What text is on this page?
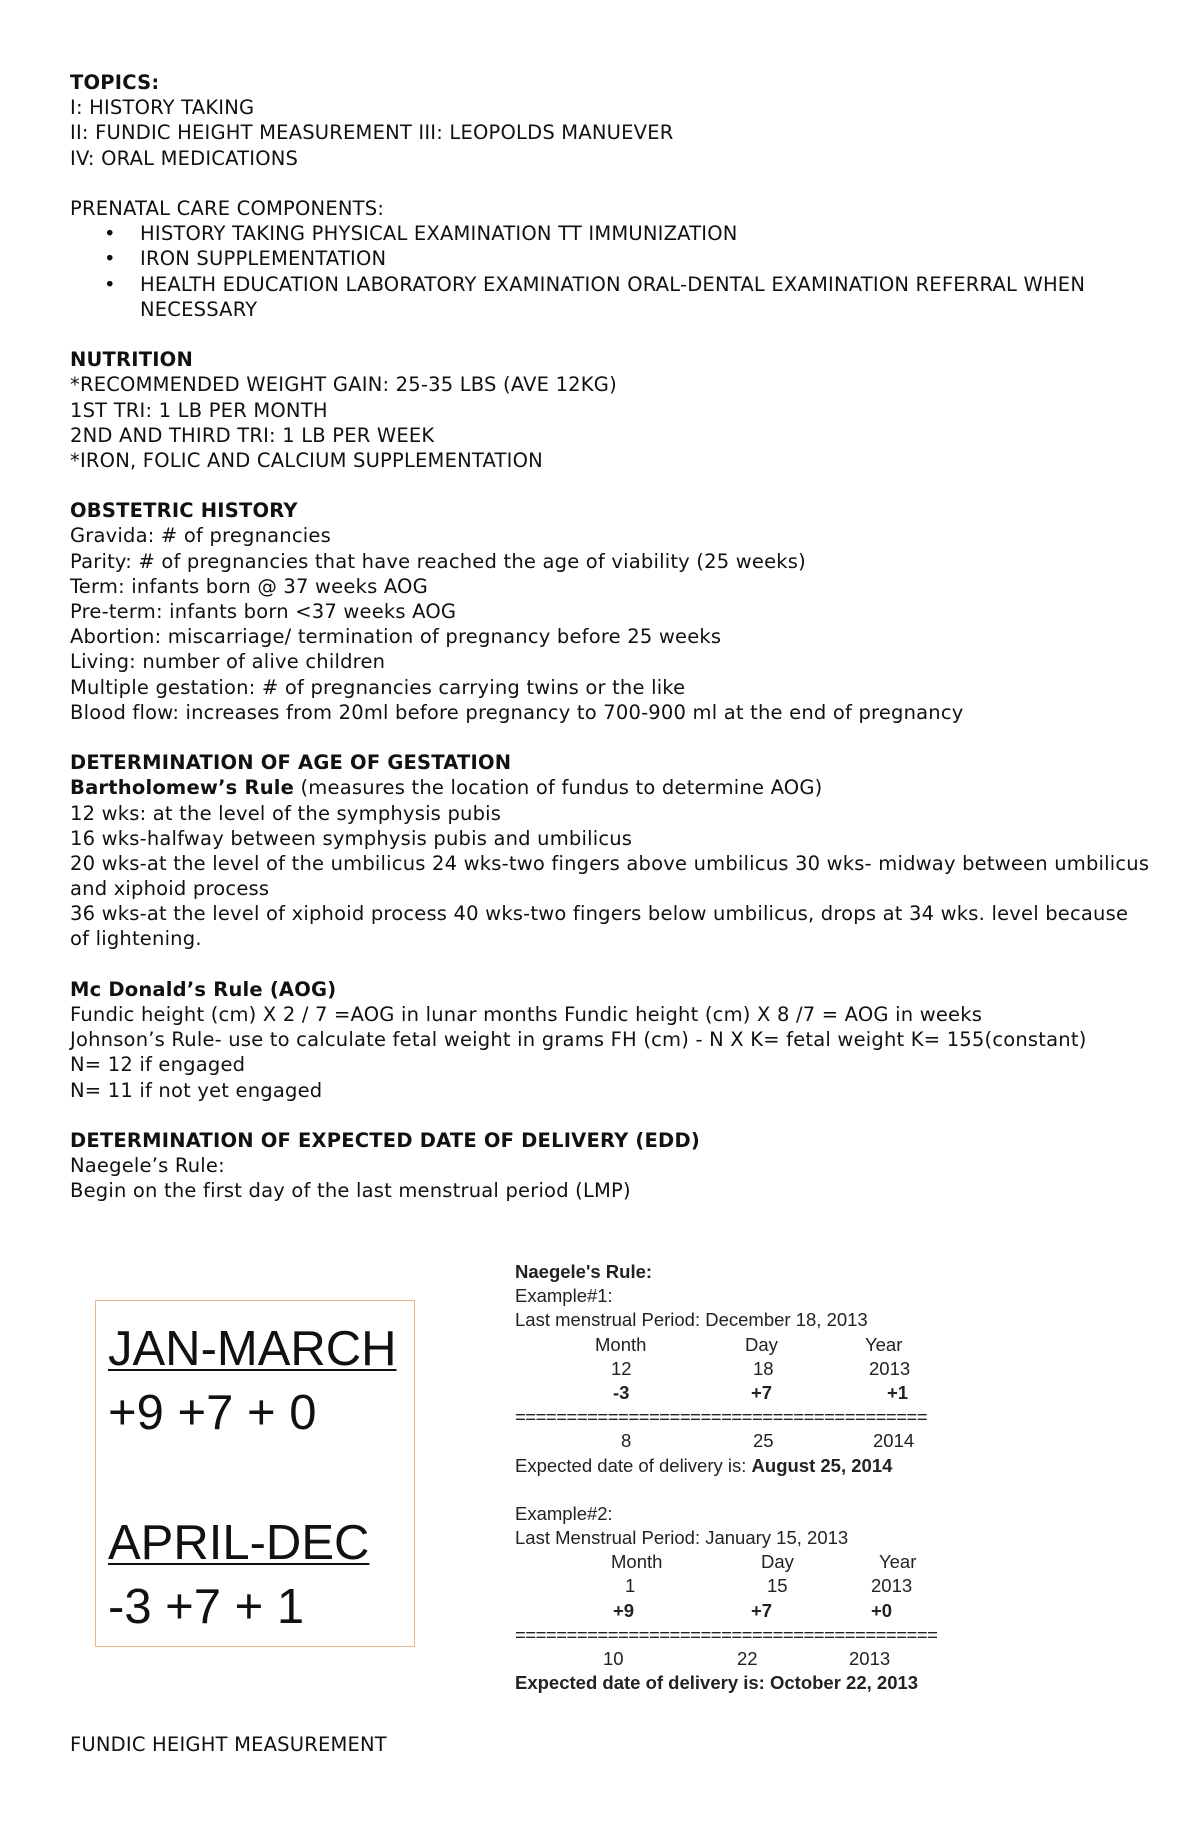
TOPICS:
I: HISTORY TAKING
II: FUNDIC HEIGHT MEASUREMENT III: LEOPOLDS MANUEVER
IV: ORAL MEDICATIONS
PRENATAL CARE COMPONENTS:
• HISTORY TAKING PHYSICAL EXAMINATION TT IMMUNIZATION
• IRON SUPPLEMENTATION
• HEALTH EDUCATION LABORATORY EXAMINATION ORAL-DENTAL EXAMINATION REFERRAL WHEN NECESSARY
NUTRITION
*RECOMMENDED WEIGHT GAIN: 25-35 LBS (AVE 12KG)
1ST TRI: 1 LB PER MONTH
2ND AND THIRD TRI: 1 LB PER WEEK
*IRON, FOLIC AND CALCIUM SUPPLEMENTATION
OBSTETRIC HISTORY
Gravida: # of pregnancies
Parity: # of pregnancies that have reached the age of viability (25 weeks)
Term: infants born @ 37 weeks AOG
Pre-term: infants born <37 weeks AOG
Abortion: miscarriage/ termination of pregnancy before 25 weeks
Living: number of alive children
Multiple gestation: # of pregnancies carrying twins or the like
Blood flow: increases from 20ml before pregnancy to 700-900 ml at the end of pregnancy
DETERMINATION OF AGE OF GESTATION
Bartholomew’s Rule (measures the location of fundus to determine AOG)
12 wks: at the level of the symphysis pubis
16 wks-halfway between symphysis pubis and umbilicus
20 wks-at the level of the umbilicus 24 wks-two fingers above umbilicus 30 wks- midway between umbilicus and xiphoid process
36 wks-at the level of xiphoid process 40 wks-two fingers below umbilicus, drops at 34 wks. level because of lightening.
Mc Donald’s Rule (AOG)
Fundic height (cm) X 2 / 7 =AOG in lunar months Fundic height (cm) X 8 /7 = AOG in weeks
Johnson’s Rule- use to calculate fetal weight in grams FH (cm) - N X K= fetal weight K= 155(constant)
N= 12 if engaged
N= 11 if not yet engaged
DETERMINATION OF EXPECTED DATE OF DELIVERY (EDD)
Naegele’s Rule:
Begin on the first day of the last menstrual period (LMP)
JAN-MARCH
+9 +7 + 0
APRIL-DEC
-3 +7 + 1
Naegele's Rule:
Example#1:
Last menstrual Period: December 18, 2013
Month	Day	Year
12	18	2013
-3	+7	+1
========================================
8	25	2014
Expected date of delivery is: August 25, 2014
Example#2:
Last Menstrual Period: January 15, 2013
Month	Day	Year
1	15	2013
+9	+7	+0
=========================================
10	22	2013
Expected date of delivery is: October 22, 2013
FUNDIC HEIGHT MEASUREMENT
